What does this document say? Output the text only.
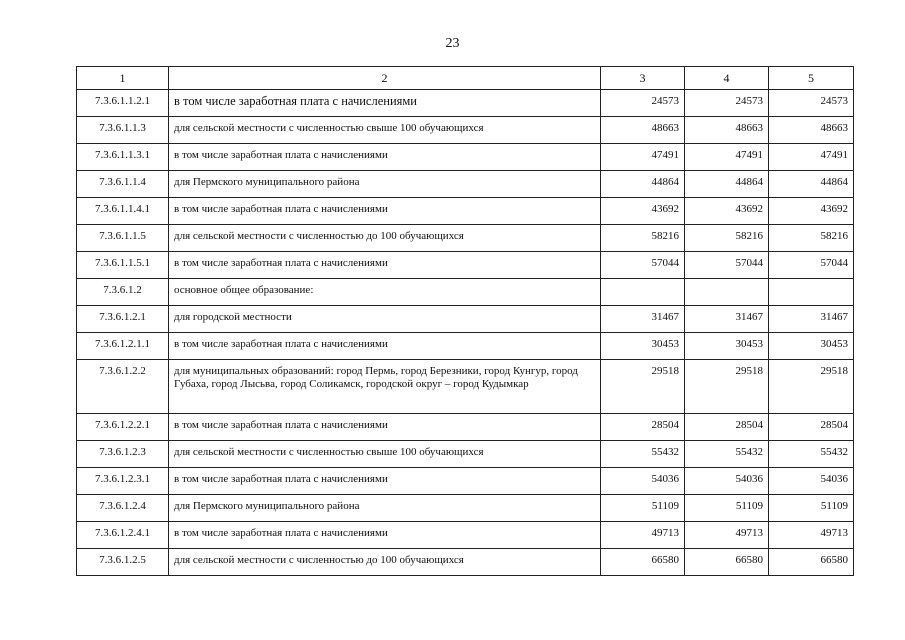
23
1	2	3	4	5
7.3.6.1.1.2.1	в том числе заработная плата с начислениями	24573	24573	24573
7.3.6.1.1.3	для сельской местности с численностью свыше 100 обучающихся	48663	48663	48663
7.3.6.1.1.3.1	в том числе заработная плата с начислениями	47491	47491	47491
7.3.6.1.1.4	для Пермского муниципального района	44864	44864	44864
7.3.6.1.1.4.1	в том числе заработная плата с начислениями	43692	43692	43692
7.3.6.1.1.5	для сельской местности с численностью до 100 обучающихся	58216	58216	58216
7.3.6.1.1.5.1	в том числе заработная плата с начислениями	57044	57044	57044
7.3.6.1.2	основное общее образование:			
7.3.6.1.2.1	для городской местности	31467	31467	31467
7.3.6.1.2.1.1	в том числе заработная плата с начислениями	30453	30453	30453
7.3.6.1.2.2	для муниципальных образований: город Пермь, город Березники, город Кунгур, город Губаха, город Лысьва, город Соликамск, городской округ – город Кудымкар	29518	29518	29518
7.3.6.1.2.2.1	в том числе заработная плата с начислениями	28504	28504	28504
7.3.6.1.2.3	для сельской местности с численностью свыше 100 обучающихся	55432	55432	55432
7.3.6.1.2.3.1	в том числе заработная плата с начислениями	54036	54036	54036
7.3.6.1.2.4	для Пермского муниципального района	51109	51109	51109
7.3.6.1.2.4.1	в том числе заработная плата с начислениями	49713	49713	49713
7.3.6.1.2.5	для сельской местности с численностью до 100 обучающихся	66580	66580	66580
